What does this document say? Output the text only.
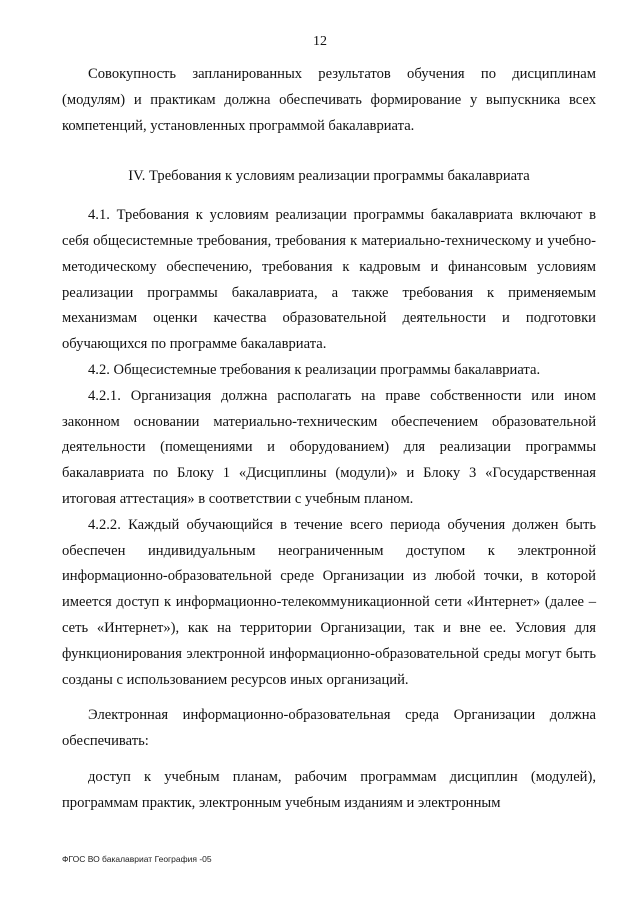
12

Совокупность запланированных результатов обучения по дисциплинам (модулям) и практикам должна обеспечивать формирование у выпускника всех компетенций, установленных программой бакалавриата.

IV. Требования к условиям реализации программы бакалавриата

4.1. Требования к условиям реализации программы бакалавриата включают в себя общесистемные требования, требования к материально-техническому и учебно-методическому обеспечению, требования к кадровым и финансовым условиям реализации программы бакалавриата, а также требования к применяемым механизмам оценки качества образовательной деятельности и подготовки обучающихся по программе бакалавриата.

4.2. Общесистемные требования к реализации программы бакалавриата.

4.2.1. Организация должна располагать на праве собственности или ином законном основании материально-техническим обеспечением образовательной деятельности (помещениями и оборудованием) для реализации программы бакалавриата по Блоку 1 «Дисциплины (модули)» и Блоку 3 «Государственная итоговая аттестация» в соответствии с учебным планом.

4.2.2. Каждый обучающийся в течение всего периода обучения должен быть обеспечен индивидуальным неограниченным доступом к электронной информационно-образовательной среде Организации из любой точки, в которой имеется доступ к информационно-телекоммуникационной сети «Интернет» (далее – сеть «Интернет»), как на территории Организации, так и вне ее. Условия для функционирования электронной информационно-образовательной среды могут быть созданы с использованием ресурсов иных организаций.

Электронная информационно-образовательная среда Организации должна обеспечивать:

доступ к учебным планам, рабочим программам дисциплин (модулей), программам практик, электронным учебным изданиям и электронным

ФГОС ВО бакалавриат География -05
